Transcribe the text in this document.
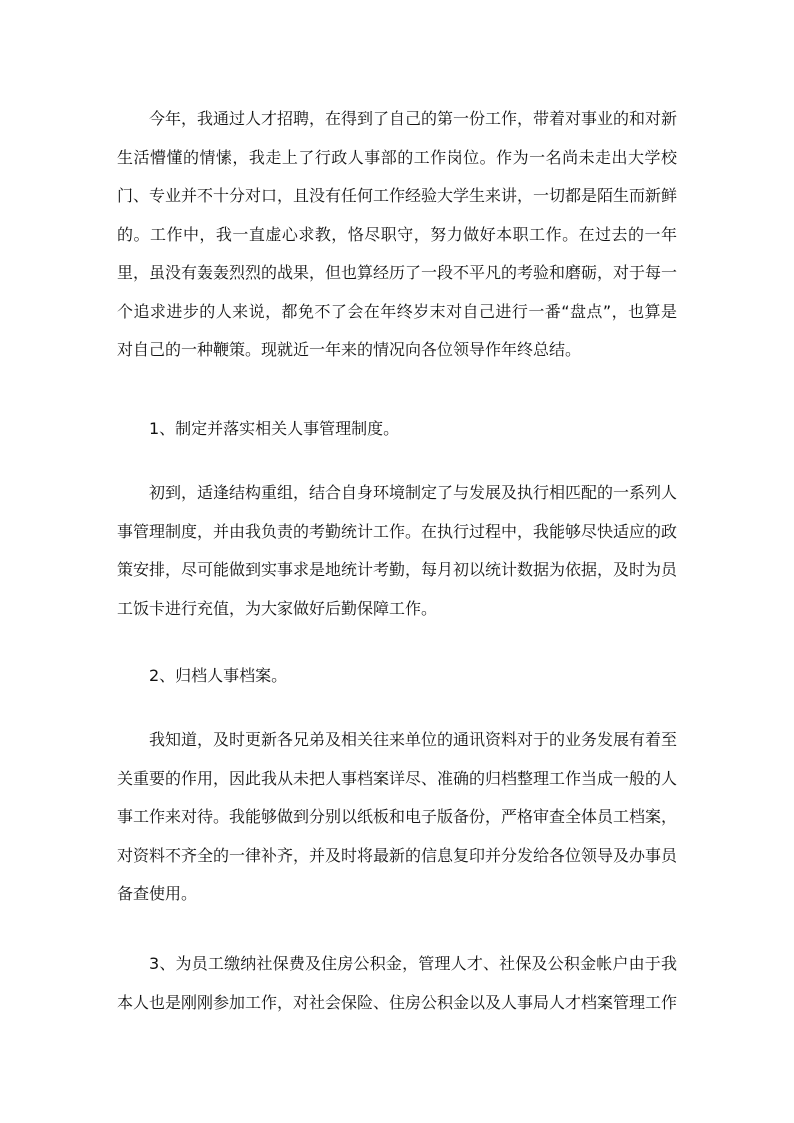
今年，我通过人才招聘，在得到了自己的第一份工作，带着对事业的和对新生活懵懂的情愫，我走上了行政人事部的工作岗位。作为一名尚未走出大学校门、专业并不十分对口，且没有任何工作经验大学生来讲，一切都是陌生而新鲜的。工作中，我一直虚心求教，恪尽职守，努力做好本职工作。在过去的一年里，虽没有轰轰烈烈的战果，但也算经历了一段不平凡的考验和磨砺，对于每一个追求进步的人来说，都免不了会在年终岁末对自己进行一番“盘点”，也算是对自己的一种鞭策。现就近一年来的情况向各位领导作年终总结。

1、制定并落实相关人事管理制度。

初到，适逢结构重组，结合自身环境制定了与发展及执行相匹配的一系列人事管理制度，并由我负责的考勤统计工作。在执行过程中，我能够尽快适应的政策安排，尽可能做到实事求是地统计考勤，每月初以统计数据为依据，及时为员工饭卡进行充值，为大家做好后勤保障工作。

2、归档人事档案。

我知道，及时更新各兄弟及相关往来单位的通讯资料对于的业务发展有着至关重要的作用，因此我从未把人事档案详尽、准确的归档整理工作当成一般的人事工作来对待。我能够做到分别以纸板和电子版备份，严格审查全体员工档案，对资料不齐全的一律补齐，并及时将最新的信息复印并分发给各位领导及办事员备查使用。

3、为员工缴纳社保费及住房公积金，管理人才、社保及公积金帐户由于我本人也是刚刚参加工作，对社会保险、住房公积金以及人事局人才档案管理工作
